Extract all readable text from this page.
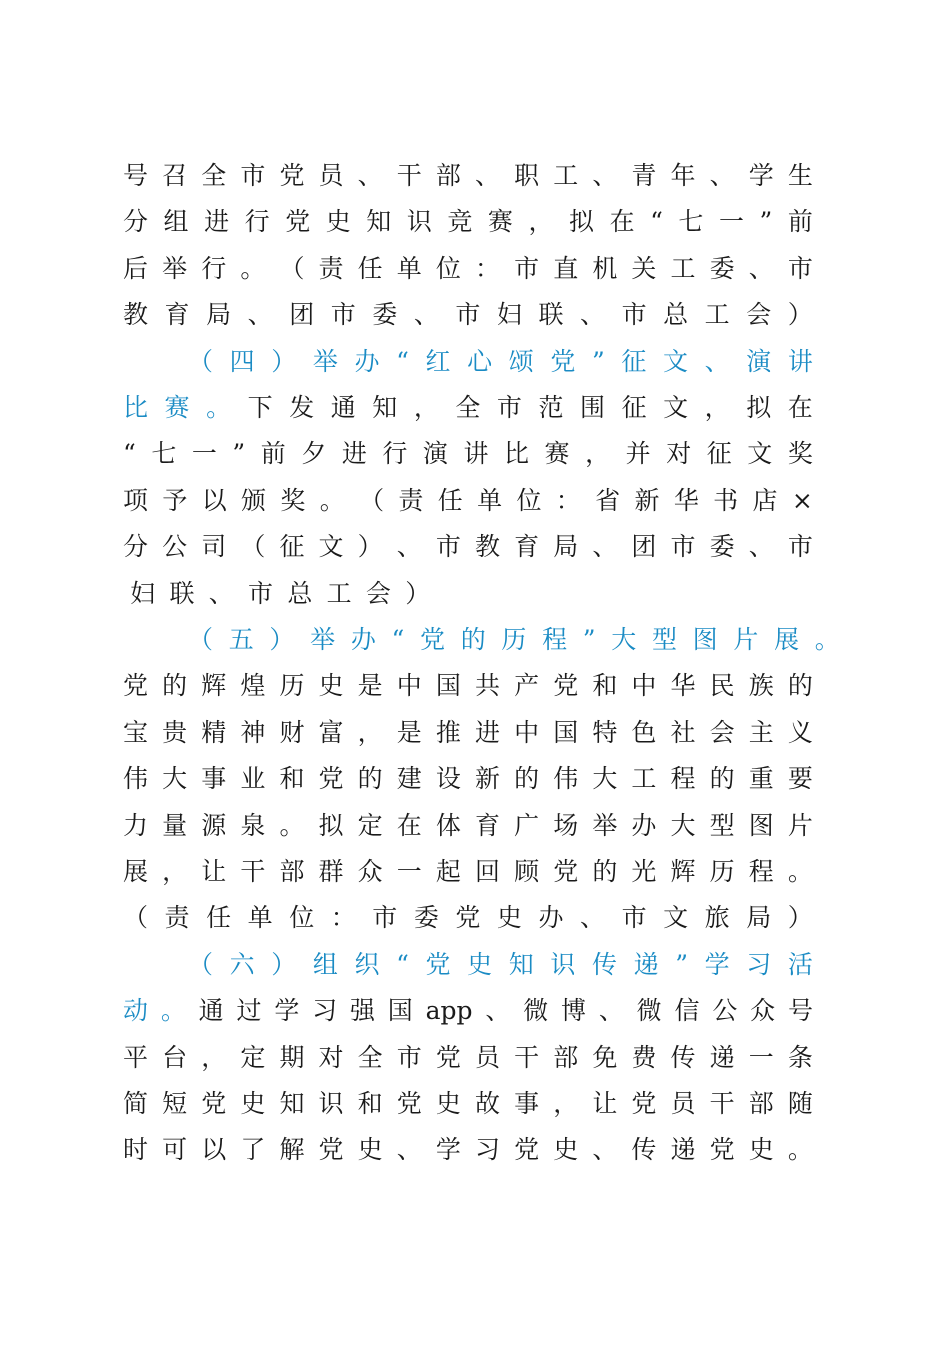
号 召 全 市 党 员 、 干 部 、 职 工 、 青 年 、 学 生
分 组 进 行 党 史 知 识 竞 赛 ， 拟 在 “ 七 一 ” 前
后 举 行 。 （ 责 任 单 位 ： 市 直 机 关 工 委 、 市
教 育 局 、 团 市 委 、 市 妇 联 、 市 总 工 会 ）
（ 四 ） 举 办 “ 红 心 颂 党 ” 征 文 、 演 讲
比 赛 。 下 发 通 知 ， 全 市 范 围 征 文 ， 拟 在
“ 七 一 ” 前 夕 进 行 演 讲 比 赛 ， 并 对 征 文 奖
项 予 以 颁 奖 。 （ 责 任 单 位 ： 省 新 华 书 店 ×
分 公 司 （ 征 文 ） 、 市 教 育 局 、 团 市 委 、 市
妇 联 、 市 总 工 会 ）
（ 五 ） 举 办 “ 党 的 历 程 ” 大 型 图 片 展 。
党 的 辉 煌 历 史 是 中 国 共 产 党 和 中 华 民 族 的
宝 贵 精 神 财 富 ， 是 推 进 中 国 特 色 社 会 主 义
伟 大 事 业 和 党 的 建 设 新 的 伟 大 工 程 的 重 要
力 量 源 泉 。 拟 定 在 体 育 广 场 举 办 大 型 图 片
展 ， 让 干 部 群 众 一 起 回 顾 党 的 光 辉 历 程 。
（ 责 任 单 位 ： 市 委 党 史 办 、 市 文 旅 局 ）
（ 六 ） 组 织 “ 党 史 知 识 传 递 ” 学 习 活
动 。 通 过 学 习 强 国 app 、 微 博 、 微 信 公 众 号
平 台 ， 定 期 对 全 市 党 员 干 部 免 费 传 递 一 条
简 短 党 史 知 识 和 党 史 故 事 ， 让 党 员 干 部 随
时 可 以 了 解 党 史 、 学 习 党 史 、 传 递 党 史 。
